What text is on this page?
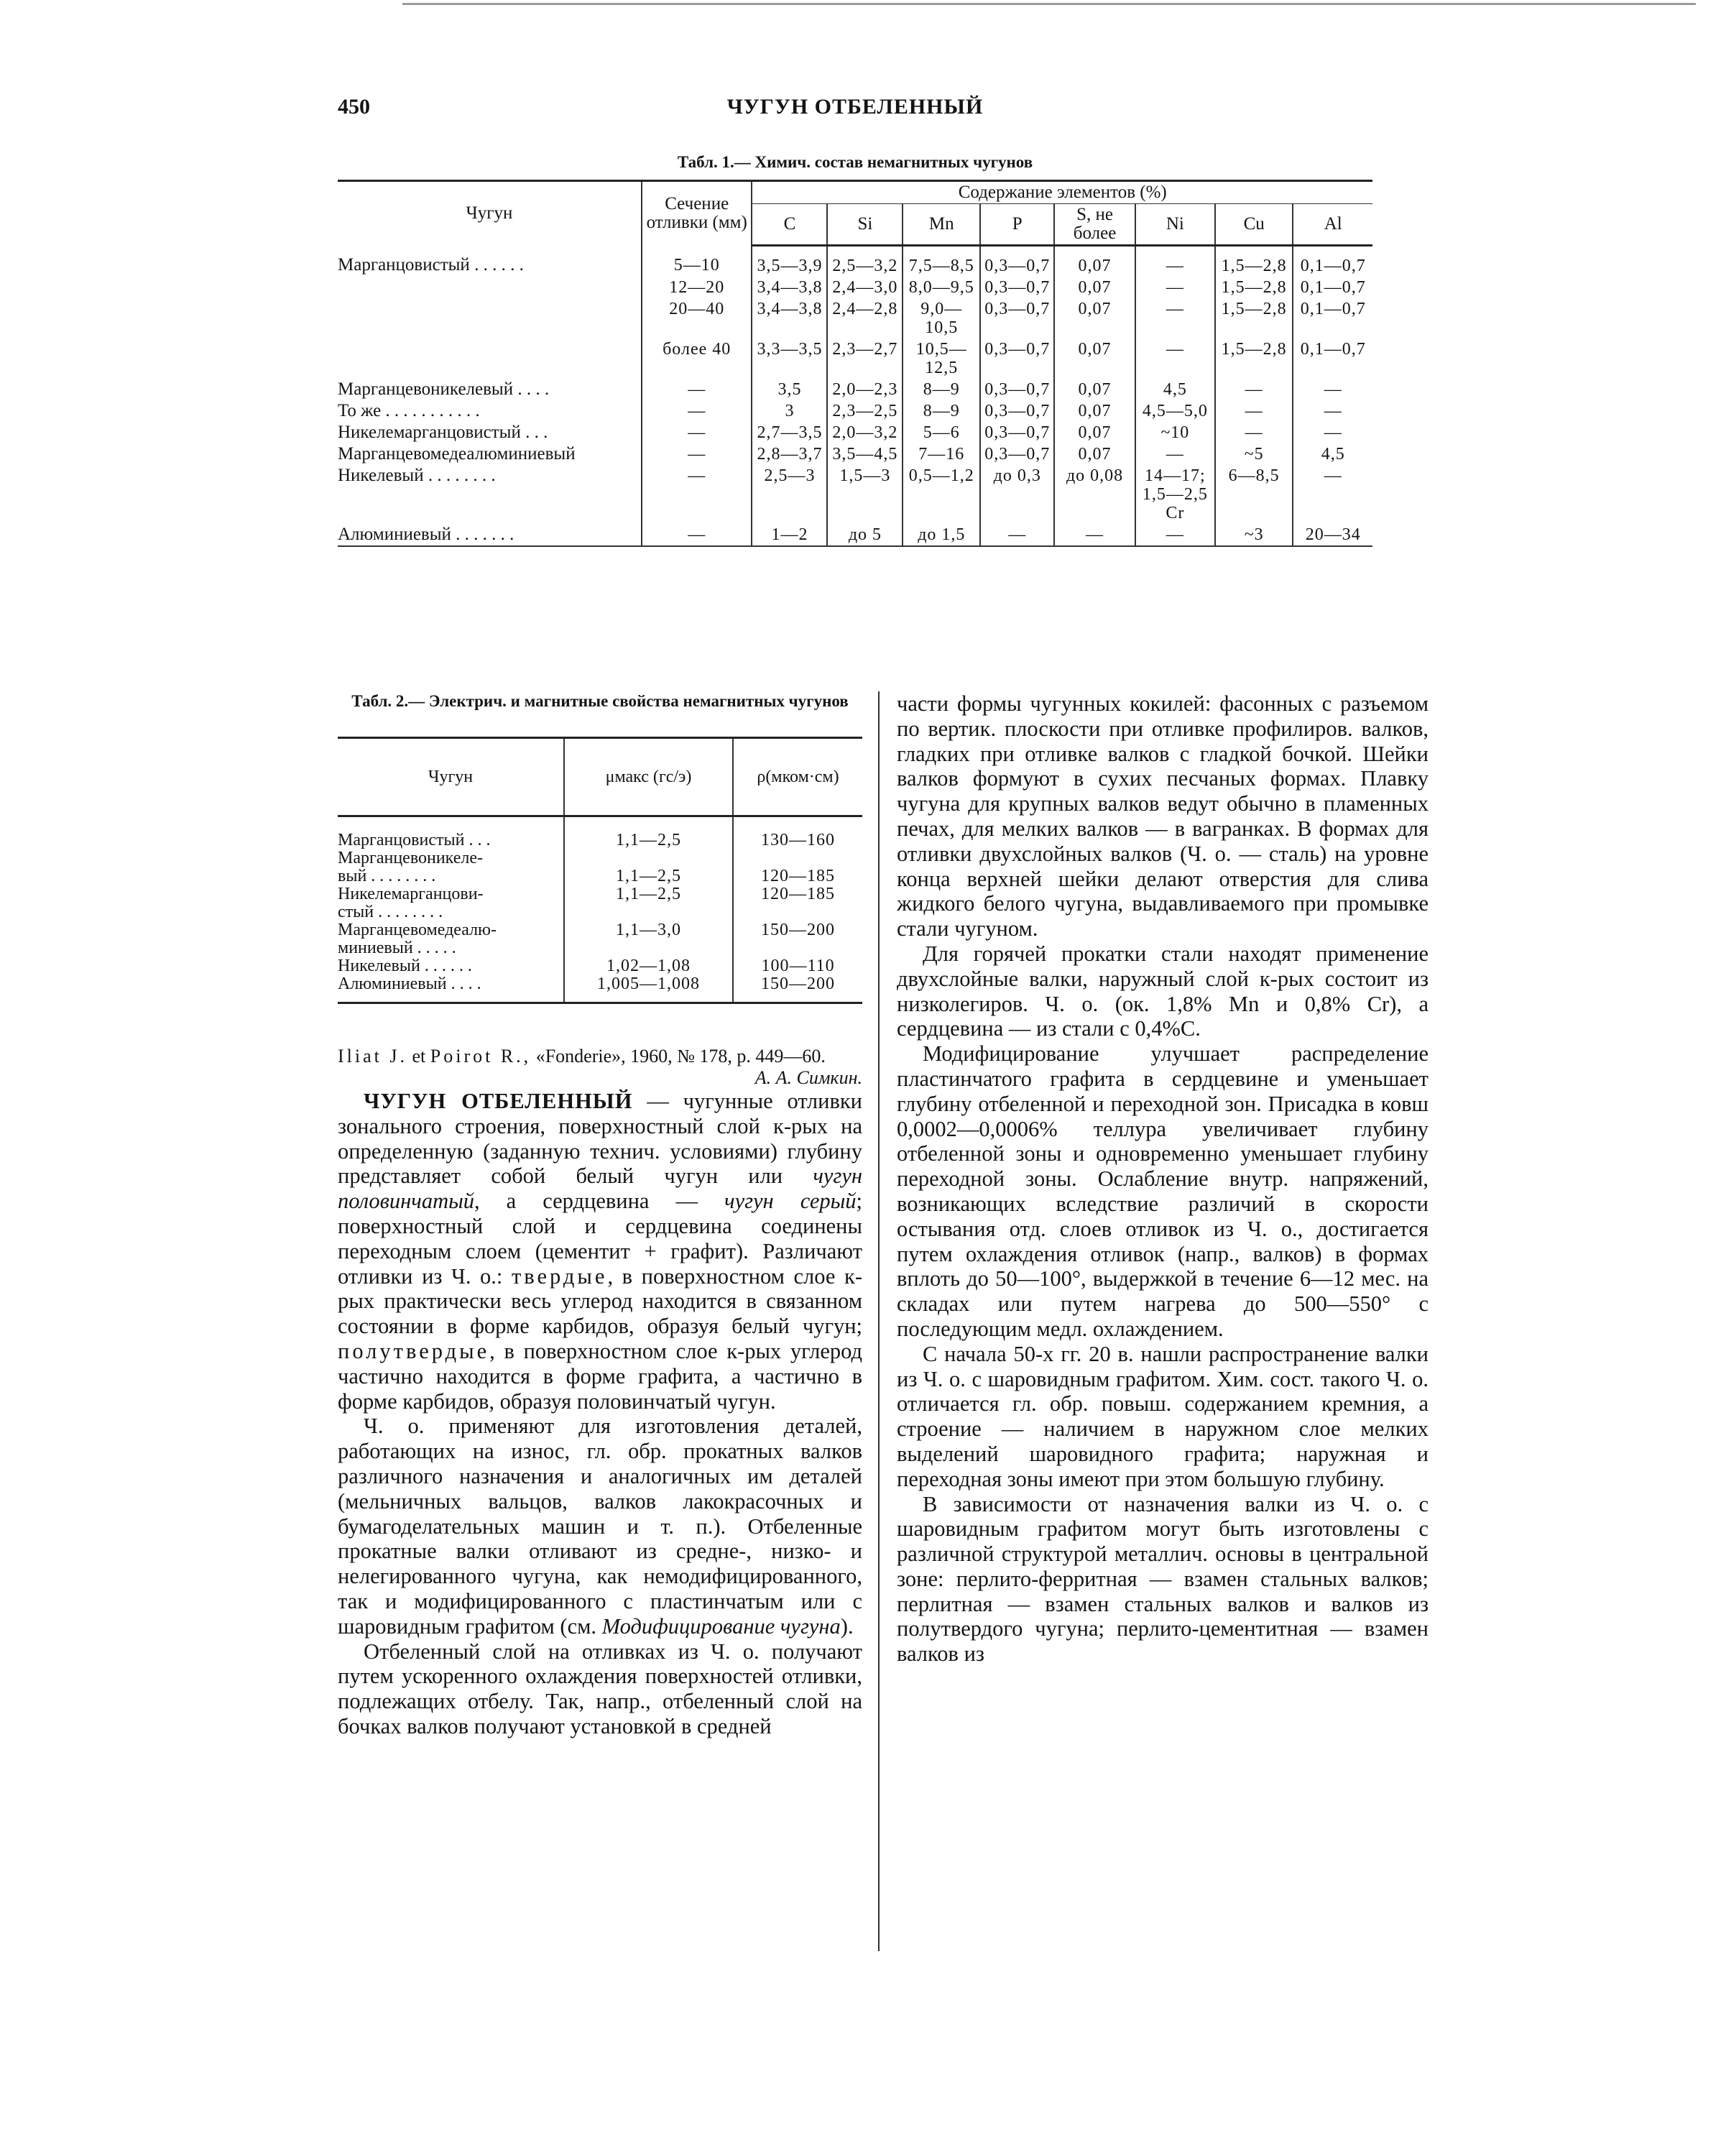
450	ЧУГУН ОТБЕЛЕННЫЙ
Табл. 1.— Химич. состав немагнитных чугунов
Чугун	Сечение отливки (мм)	Содержание элементов (%)							
		C	Si	Mn	P	S, не более	Ni	Cu	Al
Марганцовистый . . . . . .	5—10	3,5—3,9	2,5—3,2	7,5—8,5	0,3—0,7	0,07	—	1,5—2,8	0,1—0,7
	12—20	3,4—3,8	2,4—3,0	8,0—9,5	0,3—0,7	0,07	—	1,5—2,8	0,1—0,7
	20—40	3,4—3,8	2,4—2,8	9,0—10,5	0,3—0,7	0,07	—	1,5—2,8	0,1—0,7
	более 40	3,3—3,5	2,3—2,7	10,5—12,5	0,3—0,7	0,07	—	1,5—2,8	0,1—0,7
Марганцевоникелевый . . . .	—	3,5	2,0—2,3	8—9	0,3—0,7	0,07	4,5	—	—
То же . . . . . . . . . . .	—	3	2,3—2,5	8—9	0,3—0,7	0,07	4,5—5,0	—	—
Никелемарганцовистый . . .	—	2,7—3,5	2,0—3,2	5—6	0,3—0,7	0,07	~10	—	—
Марганцевомедеалюминиевый	—	2,8—3,7	3,5—4,5	7—16	0,3—0,7	0,07	—	~5	4,5
Никелевый . . . . . . . .	—	2,5—3	1,5—3	0,5—1,2	до 0,3	до 0,08	14—17; 1,5—2,5 Cr	6—8,5	—
Алюминиевый . . . . . . .	—	1—2	до 5	до 1,5	—	—	—	~3	20—34
Табл. 2.— Электрич. и магнитные свойства немагнитных чугунов
Чугун	μмакс (гс/э)	ρ(мком·см)
Марганцовистый . . .	1,1—2,5	130—160
Марганцевоникеле-
вый . . . . . . . .	1,1—2,5	120—185
Никелемарганцови-
стый . . . . . . . .	1,1—2,5	120—185
Марганцевомедеалю-
миниевый . . . . .	1,1—3,0	150—200
Никелевый . . . . . .	1,02—1,08	100—110
Алюминиевый . . . .	1,005—1,008	150—200

Iliat J. et Poirot R., «Fonderie», 1960, № 178, p. 449—60.

А. А. Симкин.

ЧУГУН ОТБЕЛЕННЫЙ — чугунные отливки зонального строения, поверхностный слой к-рых на определенную (заданную технич. условиями) глубину представляет собой белый чугун или чугун половинчатый, а сердцевина — чугун серый; поверхностный слой и сердцевина соединены переходным слоем (цементит + графит). Различают отливки из Ч. о.: твердые, в поверхностном слое к-рых практически весь углерод находится в связанном состоянии в форме карбидов, образуя белый чугун; полутвердые, в поверхностном слое к-рых углерод частично находится в форме графита, а частично в форме карбидов, образуя половинчатый чугун.

Ч. о. применяют для изготовления деталей, работающих на износ, гл. обр. прокатных валков различного назначения и аналогичных им деталей (мельничных вальцов, валков лакокрасочных и бумагоделательных машин и т. п.). Отбеленные прокатные валки отливают из средне-, низко- и нелегированного чугуна, как немодифицированного, так и модифицированного с пластинчатым или с шаровидным графитом (см. Модифицирование чугуна).

Отбеленный слой на отливках из Ч. о. получают путем ускоренного охлаждения поверхностей отливки, подлежащих отбелу. Так, напр., отбеленный слой на бочках валков получают установкой в средней

части формы чугунных кокилей: фасонных с разъемом по вертик. плоскости при отливке профилиров. валков, гладких при отливке валков с гладкой бочкой. Шейки валков формуют в сухих песчаных формах. Плавку чугуна для крупных валков ведут обычно в пламенных печах, для мелких валков — в вагранках. В формах для отливки двухслойных валков (Ч. о. — сталь) на уровне конца верхней шейки делают отверстия для слива жидкого белого чугуна, выдавливаемого при промывке стали чугуном.

Для горячей прокатки стали находят применение двухслойные валки, наружный слой к-рых состоит из низколегиров. Ч. о. (ок. 1,8% Mn и 0,8% Cr), а сердцевина — из стали с 0,4%C.

Модифицирование улучшает распределение пластинчатого графита в сердцевине и уменьшает глубину отбеленной и переходной зон. Присадка в ковш 0,0002—0,0006% теллура увеличивает глубину отбеленной зоны и одновременно уменьшает глубину переходной зоны. Ослабление внутр. напряжений, возникающих вследствие различий в скорости остывания отд. слоев отливок из Ч. о., достигается путем охлаждения отливок (напр., валков) в формах вплоть до 50—100°, выдержкой в течение 6—12 мес. на складах или путем нагрева до 500—550° с последующим медл. охлаждением.

С начала 50-х гг. 20 в. нашли распространение валки из Ч. о. с шаровидным графитом. Хим. сост. такого Ч. о. отличается гл. обр. повыш. содержанием кремния, а строение — наличием в наружном слое мелких выделений шаровидного графита; наружная и переходная зоны имеют при этом большую глубину.

В зависимости от назначения валки из Ч. о. с шаровидным графитом могут быть изготовлены с различной структурой металлич. основы в центральной зоне: перлито-ферритная — взамен стальных валков; перлитная — взамен стальных валков и валков из полутвердого чугуна; перлито-цементитная — взамен валков из
